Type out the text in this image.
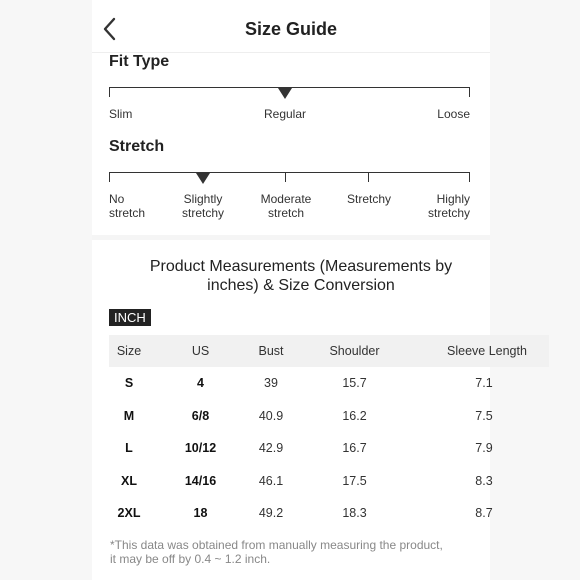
Size Guide
Fit Type
Slim	Regular	Loose
Stretch
No
stretch
Slightly
stretchy
Moderate
stretch
Stretchy	Highly
stretchy
Product Measurements (Measurements by
inches) & Size Conversion
INCH
Size	US	Bust	Shoulder	Sleeve Length
S	4	39	15.7	7.1
M	6/8	40.9	16.2	7.5
L	10/12	42.9	16.7	7.9
XL	14/16	46.1	17.5	8.3
2XL	18	49.2	18.3	8.7
*This data was obtained from manually measuring the product,
it may be off by 0.4 ~ 1.2 inch.
